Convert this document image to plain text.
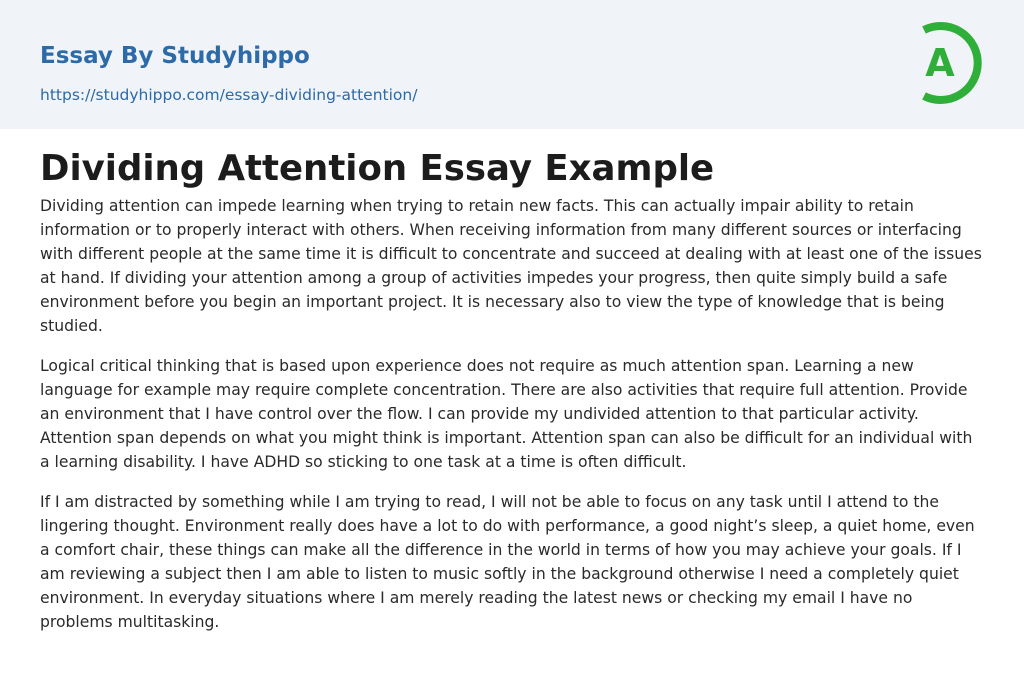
Essay By Studyhippo
https://studyhippo.com/essay-dividing-attention/
A
Dividing Attention Essay Example

Dividing attention can impede learning when trying to retain new facts. This can actually impair ability to retain information or to properly interact with others. When receiving information from many different sources or interfacing with different people at the same time it is difficult to concentrate and succeed at dealing with at least one of the issues at hand. If dividing your attention among a group of activities impedes your progress, then quite simply build a safe environment before you begin an important project. It is necessary also to view the type of knowledge that is being studied.

Logical critical thinking that is based upon experience does not require as much attention span. Learning a new language for example may require complete concentration. There are also activities that require full attention. Provide an environment that I have control over the flow. I can provide my undivided attention to that particular activity. Attention span depends on what you might think is important. Attention span can also be difficult for an individual with a learning disability. I have ADHD so sticking to one task at a time is often difficult.

If I am distracted by something while I am trying to read, I will not be able to focus on any task until I attend to the lingering thought. Environment really does have a lot to do with performance, a good night’s sleep, a quiet home, even a comfort chair, these things can make all the difference in the world in terms of how you may achieve your goals. If I am reviewing a subject then I am able to listen to music softly in the background otherwise I need a completely quiet environment. In everyday situations where I am merely reading the latest news or checking my email I have no problems multitasking.
